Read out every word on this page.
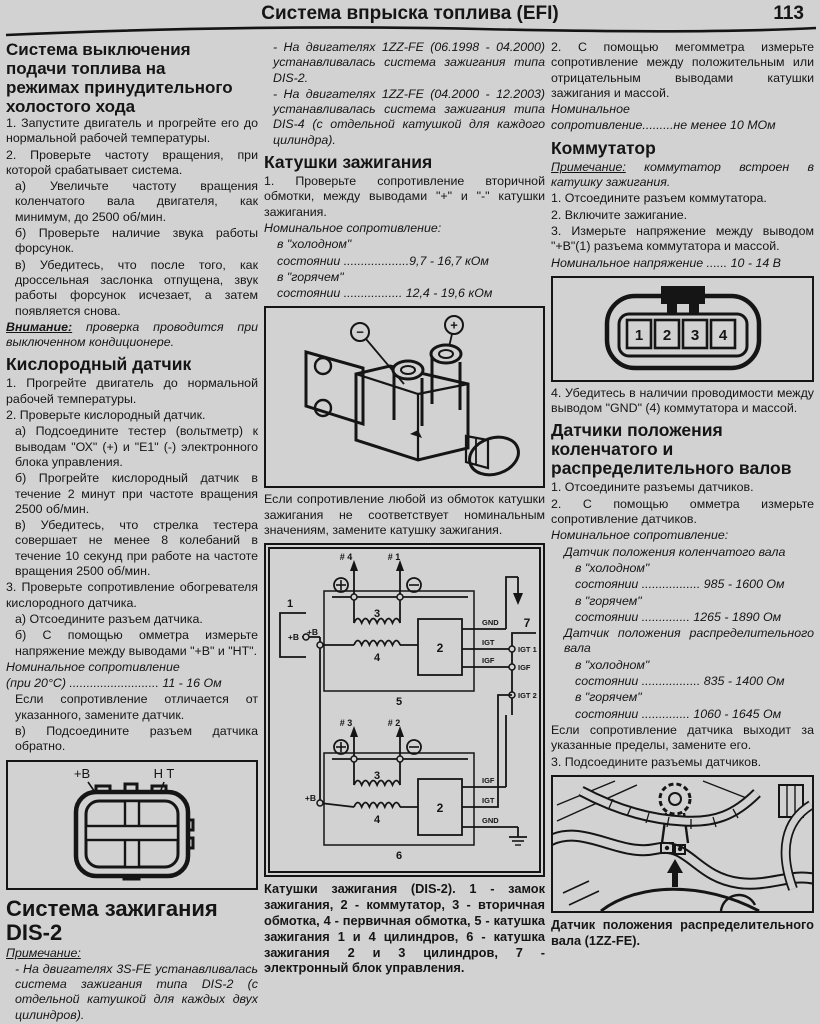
Система впрыска топлива (EFI)	113
Система выключения
подачи топлива на
режимах принудительного
холостого хода

1. Запустите двигатель и прогрейте его до нормальной рабочей температуры.

2. Проверьте частоту вращения, при которой срабатывает система.

а) Увеличьте частоту вращения коленчатого вала двигателя, как минимум, до 2500 об/мин.

б) Проверьте наличие звука работы форсунок.

в) Убедитесь, что после того, как дроссельная заслонка отпущена, звук работы форсунок исчезает, а затем появляется снова.

Внимание: проверка проводится при выключенном кондиционере.

Кислородный датчик

1. Прогрейте двигатель до нормальной рабочей температуры.

2. Проверьте кислородный датчик.

а) Подсоедините тестер (вольтметр) к выводам "ОХ" (+) и "Е1" (-) электронного блока управления.

б) Прогрейте кислородный датчик в течение 2 минут при частоте вращения 2500 об/мин.

в) Убедитесь, что стрелка тестера совершает не менее 8 колебаний в течение 10 секунд при работе на частоте вращения 2500 об/мин.

3. Проверьте сопротивление обогревателя кислородного датчика.

а) Отсоедините разъем датчика.

б) С помощью омметра измерьте напряжение между выводами "+B" и "HT".

Номинальное сопротивление

(при 20°С) .......................... 11 - 16 Ом

Если сопротивление отличается от указанного, замените датчик.

в) Подсоедините разъем датчика обратно.

+B	H T
Система зажигания DIS-2

Примечание:

- На двигателях 3S-FE устанавливалась система зажигания типа DIS-2 (с отдельной катушкой для каждых двух цилиндров).

- На двигателях 1ZZ-FE (06.1998 - 04.2000) устанавливалась система зажигания типа DIS-2.

- На двигателях 1ZZ-FE (04.2000 - 12.2003) устанавливалась система зажигания типа DIS-4 (с отдельной катушкой для каждого цилиндра).

Катушки зажигания

1. Проверьте сопротивление вторичной обмотки, между выводами "+" и "-" катушки зажигания.

Номинальное сопротивление:

в "холодном"

состоянии ...................9,7 - 16,7 кОм

в "горячем"

состоянии ................. 12,4 - 19,6 кОм

−	+

Если сопротивление любой из обмоток катушки зажигания не соответствует номинальным значениям, замените катушку зажигания.

# 4	# 1
5
3
4
2
GND
IGT
IGF
7
IGT 1
IGF
IGT 2
1
+B +B
# 3	# 2
6
3
4
+B
2
IGF
IGT
GND

Катушки зажигания (DIS-2). 1 - замок зажигания, 2 - коммутатор, 3 - вторичная обмотка, 4 - первичная обмотка, 5 - катушка зажигания 1 и 4 цилиндров, 6 - катушка зажигания 2 и 3 цилиндров, 7 - электронный блок управления.

2. С помощью мегомметра измерьте сопротивление между положительным или отрицательным выводами катушки зажигания и массой.

Номинальное

сопротивление.........не менее 10 МОм

Коммутатор

Примечание: коммутатор встроен в катушку зажигания.

1. Отсоедините разъем коммутатора.

2. Включите зажигание.

3. Измерьте напряжение между выводом "+B"(1) разъема коммутатора и массой.

Номинальное напряжение ...... 10 - 14 В

1 2 3 4

4. Убедитесь в наличии проводимости между выводом "GND" (4) коммутатора и массой.

Датчики положения коленчатого и распределительного валов

1. Отсоедините разъемы датчиков.

2. С помощью омметра измерьте сопротивление датчиков.

Номинальное сопротивление:

Датчик положения коленчатого вала

в "холодном"

состоянии ................. 985 - 1600 Ом

в "горячем"

состоянии .............. 1265 - 1890 Ом

Датчик положения распределительного вала

в "холодном"

состоянии ................. 835 - 1400 Ом

в "горячем"

состоянии .............. 1060 - 1645 Ом

Если сопротивление датчика выходит за указанные пределы, замените его.

3. Подсоедините разъемы датчиков.

Датчик положения распределительного вала (1ZZ-FE).
